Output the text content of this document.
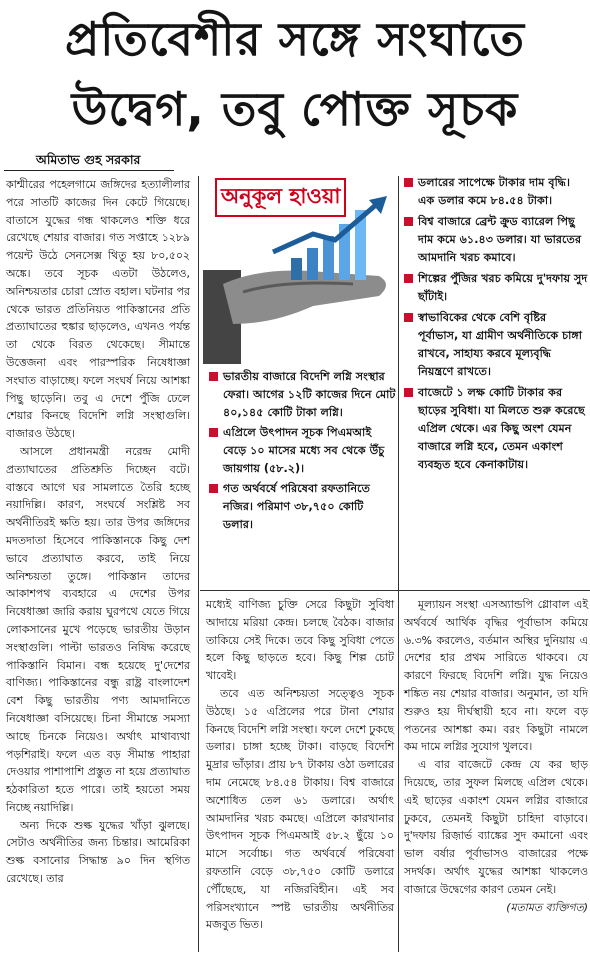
প্রতিবেশীর সঙ্গে সংঘাতে
উদ্বেগ, তবু পোক্ত সূচক
অমিতাভ গুহ সরকার

কাশ্মীরের পহেলগামে জঙ্গিদের হত্যালীলার পরে সাতটি কাজের দিন কেটে গিয়েছে। বাতাসে যুদ্ধের গন্ধ থাকলেও শক্তি ধরে রেখেছে শেয়ার বাজার। গত সপ্তাহে ১২৮৯ পয়েন্ট উঠে সেনসেক্স থিতু হয় ৮০,৫০২ অঙ্কে। তবে সূচক এতটা উঠলেও, অনিশ্চয়তার চোরা স্রোত বহাল। ঘটনার পর থেকে ভারত প্রতিনিয়ত পাকিস্তানের প্রতি প্রত্যাঘাতের হুঙ্কার ছাড়লেও, এখনও পর্যন্ত তা থেকে বিরত থেকেছে। সীমান্তে উত্তেজনা এবং পারস্পরিক নিষেধাজ্ঞা সংঘাত বাড়াচ্ছে। ফলে সংঘর্ষ নিয়ে আশঙ্কা পিছু ছাড়েনি। তবু এ দেশে পুঁজি ঢেলে শেয়ার কিনছে বিদেশি লগ্নি সংস্থাগুলি। বাজারও উঠছে।

আসলে প্রধানমন্ত্রী নরেন্দ্র মোদী প্রত্যাঘাতের প্রতিশ্রুতি দিচ্ছেন বটে। বাস্তবে আগে ঘর সামলাতে তৈরি হচ্ছে নয়াদিল্লি। কারণ, সংঘর্ষে সংশ্লিষ্ট সব অর্থনীতিরই ক্ষতি হয়। তার উপর জঙ্গিদের মদতদাতা হিসেবে পাকিস্তানকে কিছু দেশ ভাবে প্রত্যাঘাত করবে, তাই নিয়ে অনিশ্চয়তা তুঙ্গে। পাকিস্তান তাদের আকাশপথ ব্যবহারে এ দেশের উপর নিষেধাজ্ঞা জারি করায় ঘুরপথে যেতে গিয়ে লোকসানের মুখে পড়েছে ভারতীয় উড়ান সংস্থাগুলি। পাল্টা ভারতও নিষিদ্ধ করেছে পাকিস্তানি বিমান। বন্ধ হয়েছে দু'দেশের বাণিজ্য। পাকিস্তানের বন্ধু রাষ্ট্র বাংলাদেশ বেশ কিছু ভারতীয় পণ্য আমদানিতে নিষেধাজ্ঞা বসিয়েছে। চিনা সীমান্তে সমস্যা আছে চিনকে নিয়েও। অর্থাৎ মাথাব্যথা পড়শিরাই। ফলে এত বড় সীমান্ত পাহারা দেওয়ার পাশাপাশি প্রস্তুত না হয়ে প্রত্যাঘাত হঠকারিতা হতে পারে। তাই হয়তো সময় নিচ্ছে নয়াদিল্লি।

অন্য দিকে শুল্ক যুদ্ধের খাঁড়া ঝুলছে। সেটাও অর্থনীতির জন্য চিন্তার। আমেরিকা শুল্ক বসানোর সিদ্ধান্ত ৯০ দিন স্থগিত রেখেছে। তার

অনুকূল হাওয়া
ভারতীয় বাজারে বিদেশি লগ্নি সংস্থার ফেরা। আগের ১২টি কাজের দিনে মোট ৪০,১৪৫ কোটি টাকা লগ্নি।
এপ্রিলে উৎপাদন সূচক পিএমআই বেড়ে ১০ মাসের মধ্যে সব থেকে উঁচু জায়গায় (৫৮.২)।
গত অর্থবর্ষে পরিষেবা রফতানিতে নজির। পরিমাণ ৩৮,৭৫০ কোটি ডলার।
ডলারের সাপেক্ষে টাকার দাম বৃদ্ধি। এক ডলার কমে ৮৪.৫৪ টাকা।
বিশ্ব বাজারে ব্রেন্ট ক্রুড ব্যারেল পিছু দাম কমে ৬১.৪৩ ডলার। যা ভারতের আমদানি খরচ কমাবে।
শিল্পের পুঁজির খরচ কমিয়ে দু'দফায় সুদ ছাঁটাই।
স্বাভাবিকের থেকে বেশি বৃষ্টির পূর্বাভাস, যা গ্রামীণ অর্থনীতিকে চাঙ্গা রাখবে, সাহায্য করবে মূল্যবৃদ্ধি নিয়ন্ত্রণে রাখতে।
বাজেটে ১ লক্ষ কোটি টাকার কর ছাড়ের সুবিধা। যা মিলতে শুরু করেছে এপ্রিল থেকে। এর কিছু অংশ যেমন বাজারে লগ্নি হবে, তেমন একাংশ ব্যবহৃত হবে কেনাকাটায়।

মধ্যেই বাণিজ্য চুক্তি সেরে কিছুটা সুবিধা আদায়ে মরিয়া কেন্দ্র। চলছে বৈঠক। বাজার তাকিয়ে সেই দিকে। তবে কিছু সুবিধা পেতে হলে কিছু ছাড়তে হবে। কিছু শিল্প চোট খাবেই।

তবে এত অনিশ্চয়তা সত্ত্বেও সূচক উঠছে। ১৫ এপ্রিলের পরে টানা শেয়ার কিনছে বিদেশি লগ্নি সংস্থা। ফলে দেশে ঢুকছে ডলার। চাঙ্গা হচ্ছে টাকা। বাড়ছে বিদেশি মুদ্রার ভাঁড়ার। প্রায় ৮৭ টাকায় ওঠা ডলারের দাম নেমেছে ৮৪.৫৪ টাকায়। বিশ্ব বাজারে অশোধিত তেল ৬১ ডলারে। অর্থাৎ আমদানির খরচ কমছে। এপ্রিলে কারখানার উৎপাদন সূচক পিএমআই ৫৮.২ ছুঁয়ে ১০ মাসে সর্বোচ্চ। গত অর্থবর্ষে পরিষেবা রফতানি বেড়ে ৩৮,৭৫০ কোটি ডলারে পৌঁছেছে, যা নজিরবিহীন। এই সব পরিসংখ্যানে স্পষ্ট ভারতীয় অর্থনীতির মজবুত ভিত।

মূল্যায়ন সংস্থা এসঅ্যান্ডপি গ্লোবাল এই অর্থবর্ষে আর্থিক বৃদ্ধির পূর্বাভাস কমিয়ে ৬.৩% করলেও, বর্তমান অস্থির দুনিয়ায় এ দেশের হার প্রথম সারিতে থাকবে। যে কারণে ফিরছে বিদেশি লগ্নি। যুদ্ধ নিয়েও শঙ্কিত নয় শেয়ার বাজার। অনুমান, তা যদি শুরুও হয় দীর্ঘস্থায়ী হবে না। ফলে বড় পতনের আশঙ্কা কম। বরং কিছুটা নামলে কম দামে লগ্নির সুযোগ খুলবে।

এ বার বাজেটে কেন্দ্র যে কর ছাড় দিয়েছে, তার সুফল মিলছে এপ্রিল থেকে। এই ছাড়ের একাংশ যেমন লগ্নির বাজারে ঢুকবে, তেমনই কিছুটা চাহিদা বাড়াবে। দু'দফায় রিজ়ার্ভ ব্যাঙ্কের সুদ কমানো এবং ভাল বর্ষার পূর্বাভাসও বাজারের পক্ষে সদর্থক। অর্থাৎ যুদ্ধের আশঙ্কা থাকলেও বাজারে উদ্বেগের কারণ তেমন নেই।

(মতামত ব্যক্তিগত)
